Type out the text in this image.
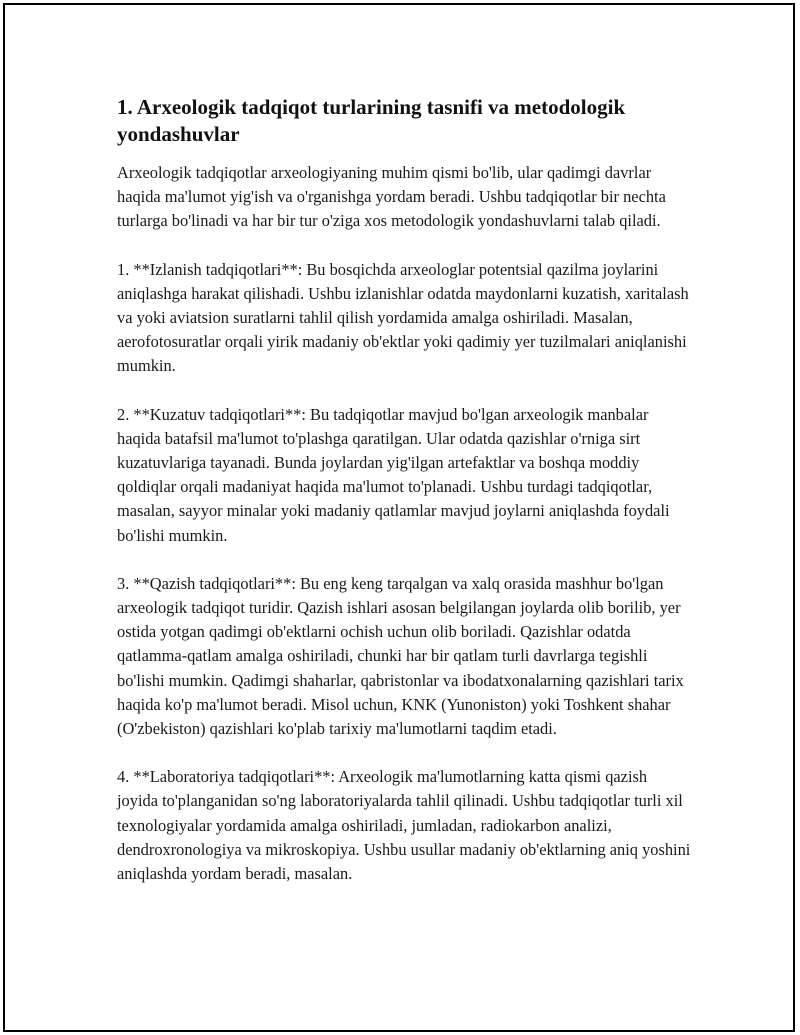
1. Arxeologik tadqiqot turlarining tasnifi va metodologik yondashuvlar

Arxeologik tadqiqotlar arxeologiyaning muhim qismi bo'lib, ular qadimgi davrlar haqida ma'lumot yig'ish va o'rganishga yordam beradi. Ushbu tadqiqotlar bir nechta turlarga bo'linadi va har bir tur o'ziga xos metodologik yondashuvlarni talab qiladi.

1. **Izlanish tadqiqotlari**: Bu bosqichda arxeologlar potentsial qazilma joylarini aniqlashga harakat qilishadi. Ushbu izlanishlar odatda maydonlarni kuzatish, xaritalash va yoki aviatsion suratlarni tahlil qilish yordamida amalga oshiriladi. Masalan, aerofotosuratlar orqali yirik madaniy ob'ektlar yoki qadimiy yer tuzilmalari aniqlanishi mumkin.

2. **Kuzatuv tadqiqotlari**: Bu tadqiqotlar mavjud bo'lgan arxeologik manbalar haqida batafsil ma'lumot to'plashga qaratilgan. Ular odatda qazishlar o'rniga sirt kuzatuvlariga tayanadi. Bunda joylardan yig'ilgan artefaktlar va boshqa moddiy qoldiqlar orqali madaniyat haqida ma'lumot to'planadi. Ushbu turdagi tadqiqotlar, masalan, sayyor minalar yoki madaniy qatlamlar mavjud joylarni aniqlashda foydali bo'lishi mumkin.

3. **Qazish tadqiqotlari**: Bu eng keng tarqalgan va xalq orasida mashhur bo'lgan arxeologik tadqiqot turidir. Qazish ishlari asosan belgilangan joylarda olib borilib, yer ostida yotgan qadimgi ob'ektlarni ochish uchun olib boriladi. Qazishlar odatda qatlamma-qatlam amalga oshiriladi, chunki har bir qatlam turli davrlarga tegishli bo'lishi mumkin. Qadimgi shaharlar, qabristonlar va ibodatxonalarning qazishlari tarix haqida ko'p ma'lumot beradi. Misol uchun, KNK (Yunoniston) yoki Toshkent shahar (O'zbekiston) qazishlari ko'plab tarixiy ma'lumotlarni taqdim etadi.

4. **Laboratoriya tadqiqotlari**: Arxeologik ma'lumotlarning katta qismi qazish joyida to'planganidan so'ng laboratoriyalarda tahlil qilinadi. Ushbu tadqiqotlar turli xil texnologiyalar yordamida amalga oshiriladi, jumladan, radiokarbon analizi, dendroxronologiya va mikroskopiya. Ushbu usullar madaniy ob'ektlarning aniq yoshini aniqlashda yordam beradi, masalan.
